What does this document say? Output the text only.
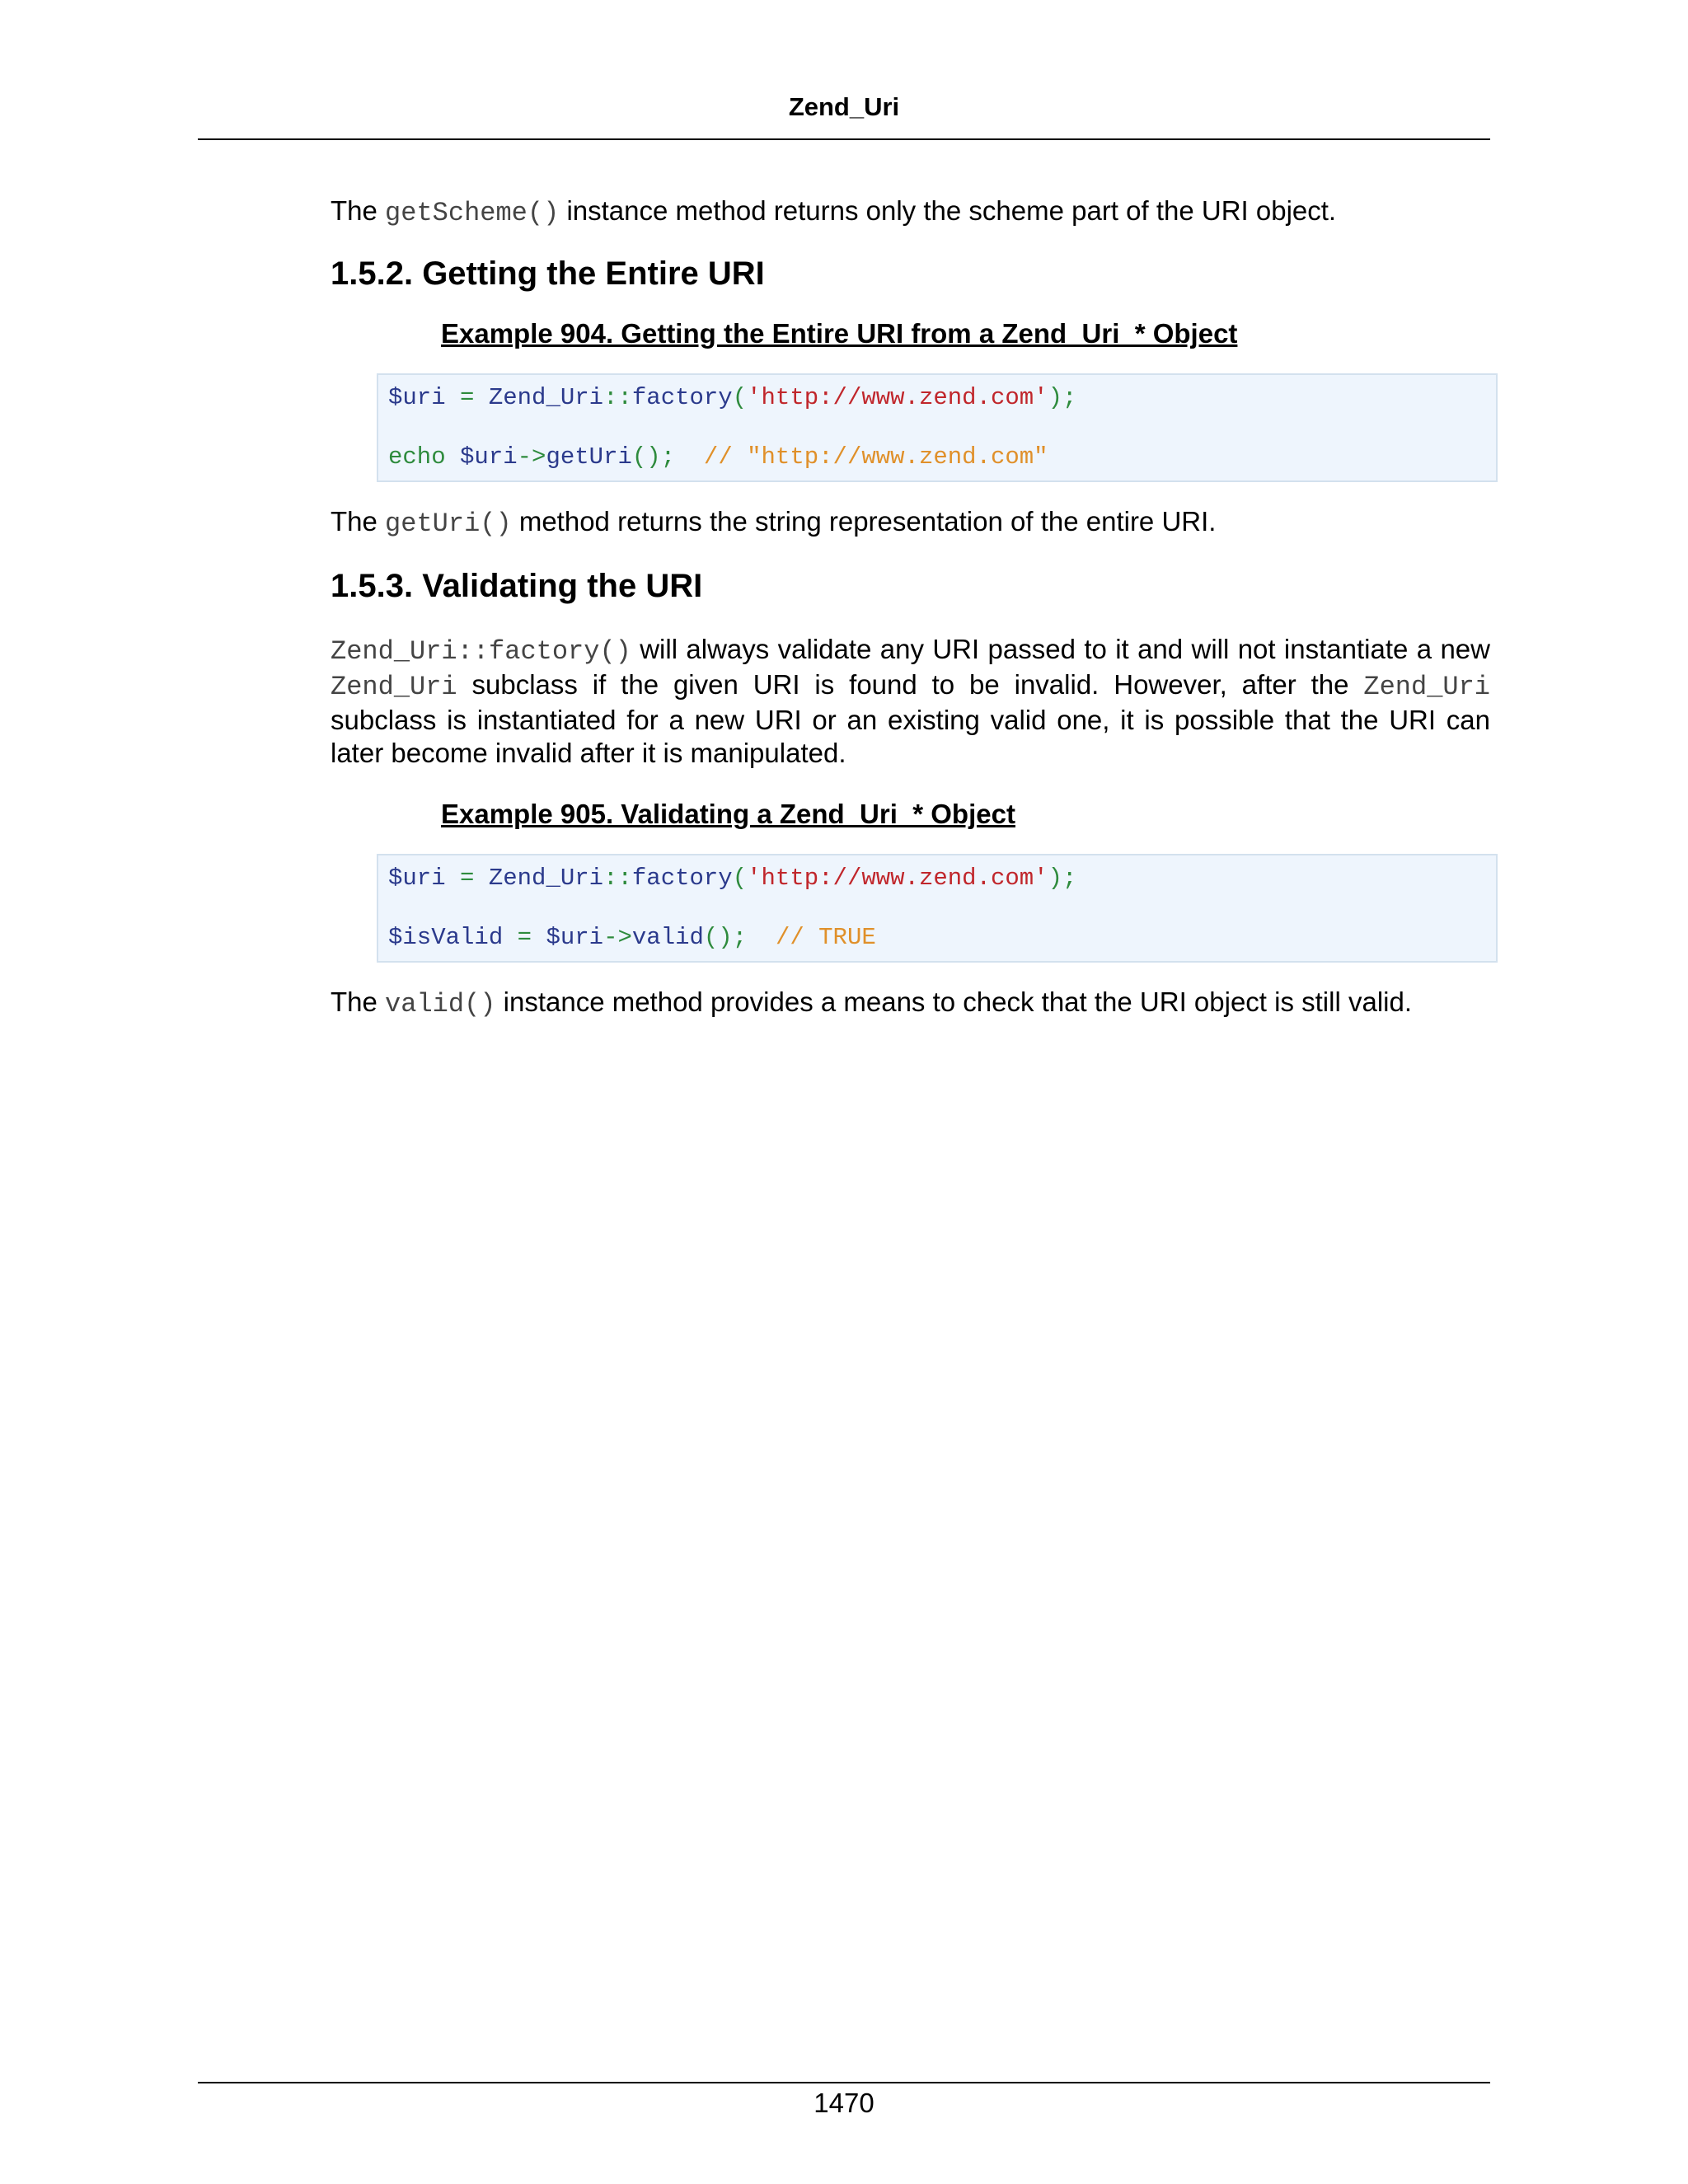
Zend_Uri

The getScheme() instance method returns only the scheme part of the URI object.

1.5.2. Getting the Entire URI
Example 904. Getting the Entire URI from a Zend_Uri_* Object
$uri = Zend_Uri::factory('http://www.zend.com');
echo $uri->getUri(); // "http://www.zend.com"

The getUri() method returns the string representation of the entire URI.

1.5.3. Validating the URI

Zend_Uri::factory() will always validate any URI passed to it and will not instantiate a new Zend_Uri subclass if the given URI is found to be invalid. However, after the Zend_Uri subclass is instantiated for a new URI or an existing valid one, it is possible that the URI can later become invalid after it is manipulated.

Example 905. Validating a Zend_Uri_* Object
$uri = Zend_Uri::factory('http://www.zend.com');
$isValid = $uri->valid(); // TRUE

The valid() instance method provides a means to check that the URI object is still valid.

1470
